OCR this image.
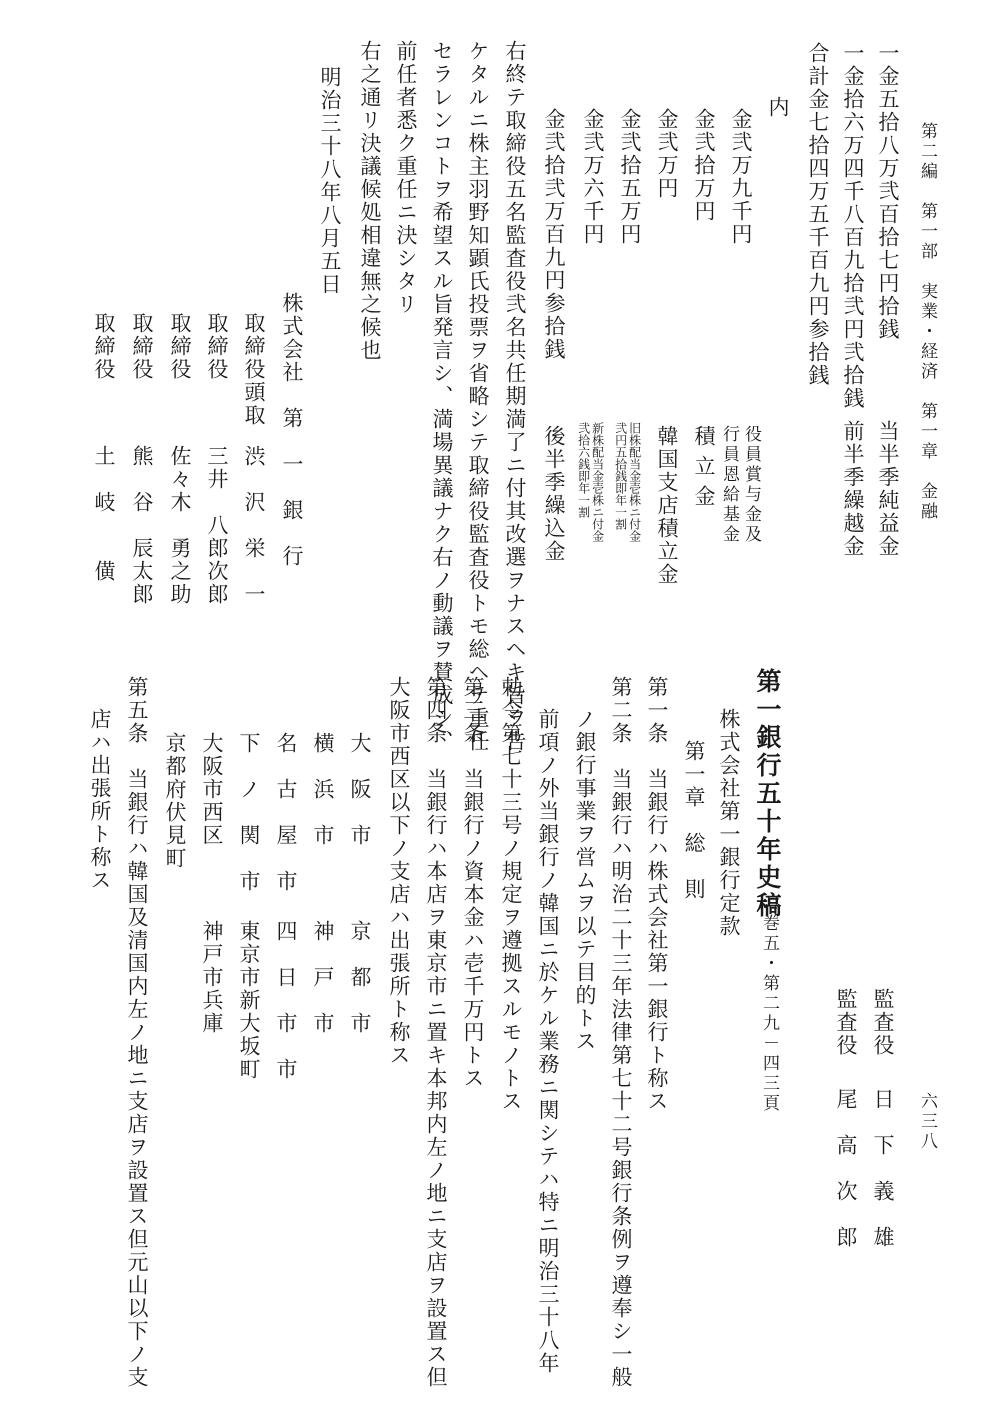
第二編　第一部　実業・経済　第一章　金融
六三八
一金五拾八万弐百拾七円拾銭
当半季純益金
一金拾六万四千八百九拾弐円弐拾銭
前半季繰越金
合計金七拾四万五千百九円参拾銭
内
金弐万九千円
役員賞与金及
行員恩給基金
金弐拾万円
積立金
金弐万円
韓国支店積立金
金弐拾五万円
旧株配当金壱株ニ付金
弐円五拾銭即年一割
金弐万六千円
新株配当金壱株ニ付金
弐拾六銭即年一割
金弐拾弐万百九円参拾銭
後半季繰込金
右終テ取締役五名監査役弐名共任期満了ニ付其改選ヲナスヘキ旨ヲ告
ケタルニ株主羽野知顕氏投票ヲ省略シテ取締役監査役トモ総ヘテ重任
セラレンコトヲ希望スル旨発言シ、満場異議ナク右ノ動議ヲ賛成シ、
前任者悉ク重任ニ決シタリ
右之通リ決議候処相違無之候也
明治三十八年八月五日
株式会社　第　一　銀　行
取締役頭取
渋　沢　栄　一
取締役
三井　八郎次郎
取締役
佐々木　勇之助
取締役
熊　谷　辰太郎
取締役
土　岐　　僙
監査役
日　下　義　雄
監査役
尾　高　次　郎
第一銀行五十年史稿
巻五・第二九－四三頁
株式会社第一銀行定款
第一章　総　則
第一条　当銀行ハ株式会社第一銀行ト称ス
第二条　当銀行ハ明治二十三年法律第七十二号銀行条例ヲ遵奉シ一般
ノ銀行事業ヲ営ムヲ以テ目的トス
前項ノ外当銀行ノ韓国ニ於ケル業務ニ関シテハ特ニ明治三十八年
勅令第七十三号ノ規定ヲ遵拠スルモノトス
第三条　当銀行ノ資本金ハ壱千万円トス
第四条　当銀行ハ本店ヲ東京市ニ置キ本邦内左ノ地ニ支店ヲ設置ス但
大阪市西区以下ノ支店ハ出張所ト称ス
大　阪　市
京　都　市
横　浜　市
神　戸　市
名　古　屋　市
四　日　市　市
下　ノ　関　市
東京市新大坂町
大阪市西区
神戸市兵庫
京都府伏見町
第五条　当銀行ハ韓国及清国内左ノ地ニ支店ヲ設置ス但元山以下ノ支
店ハ出張所ト称ス
